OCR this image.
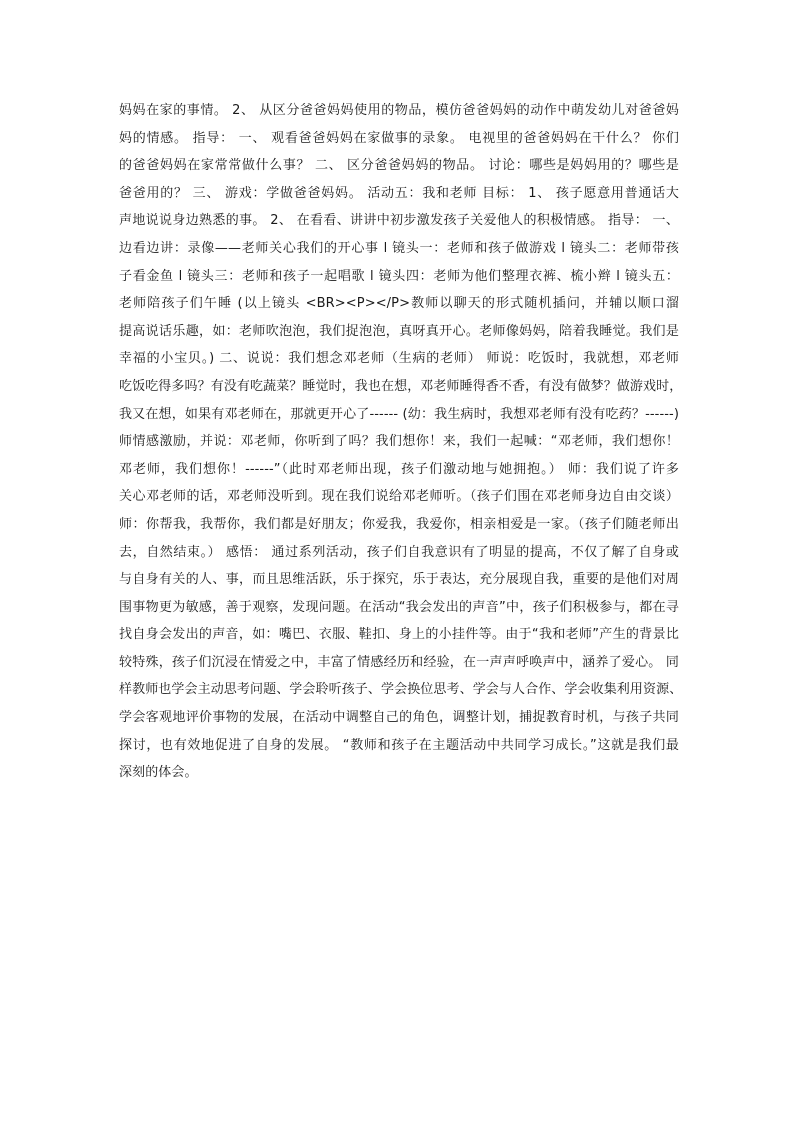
妈妈在家的事情。 2、 从区分爸爸妈妈使用的物品，模仿爸爸妈妈的动作中萌发幼儿对爸爸妈
妈的情感。 指导： 一、 观看爸爸妈妈在家做事的录象。 电视里的爸爸妈妈在干什么？ 你们
的爸爸妈妈在家常常做什么事？ 二、 区分爸爸妈妈的物品。 讨论：哪些是妈妈用的？哪些是
爸爸用的？ 三、 游戏：学做爸爸妈妈。 活动五：我和老师 目标： 1、 孩子愿意用普通话大
声地说说身边熟悉的事。 2、 在看看、讲讲中初步激发孩子关爱他人的积极情感。 指导： 一、
边看边讲：录像——老师关心我们的开心事 l 镜头一：老师和孩子做游戏 l 镜头二：老师带孩
子看金鱼 l 镜头三：老师和孩子一起唱歌 l 镜头四：老师为他们整理衣裤、梳小辫 l 镜头五：
老师陪孩子们午睡 (以上镜头 <BR><P></P>教师以聊天的形式随机插问，并辅以顺口溜
提高说话乐趣，如：老师吹泡泡，我们捉泡泡，真呀真开心。老师像妈妈，陪着我睡觉。我们是
幸福的小宝贝。) 二、说说：我们想念邓老师（生病的老师） 师说：吃饭时，我就想，邓老师
吃饭吃得多吗？有没有吃蔬菜？睡觉时，我也在想，邓老师睡得香不香，有没有做梦？做游戏时，
我又在想，如果有邓老师在，那就更开心了------ (幼：我生病时，我想邓老师有没有吃药？------)
师情感激励，并说：邓老师，你听到了吗？我们想你！来，我们一起喊：“邓老师，我们想你！
邓老师，我们想你！------”（此时邓老师出现，孩子们激动地与她拥抱。） 师：我们说了许多
关心邓老师的话，邓老师没听到。现在我们说给邓老师听。（孩子们围在邓老师身边自由交谈）
师：你帮我，我帮你，我们都是好朋友；你爱我，我爱你，相亲相爱是一家。（孩子们随老师出
去，自然结束。） 感悟： 通过系列活动，孩子们自我意识有了明显的提高，不仅了解了自身或
与自身有关的人、事，而且思维活跃，乐于探究，乐于表达，充分展现自我，重要的是他们对周
围事物更为敏感，善于观察，发现问题。在活动“我会发出的声音”中，孩子们积极参与，都在寻
找自身会发出的声音，如：嘴巴、衣服、鞋扣、身上的小挂件等。由于“我和老师”产生的背景比
较特殊，孩子们沉浸在情爱之中，丰富了情感经历和经验，在一声声呼唤声中，涵养了爱心。 同
样教师也学会主动思考问题、学会聆听孩子、学会换位思考、学会与人合作、学会收集利用资源、
学会客观地评价事物的发展，在活动中调整自己的角色，调整计划，捕捉教育时机，与孩子共同
探讨，也有效地促进了自身的发展。 “教师和孩子在主题活动中共同学习成长。”这就是我们最
深刻的体会。
